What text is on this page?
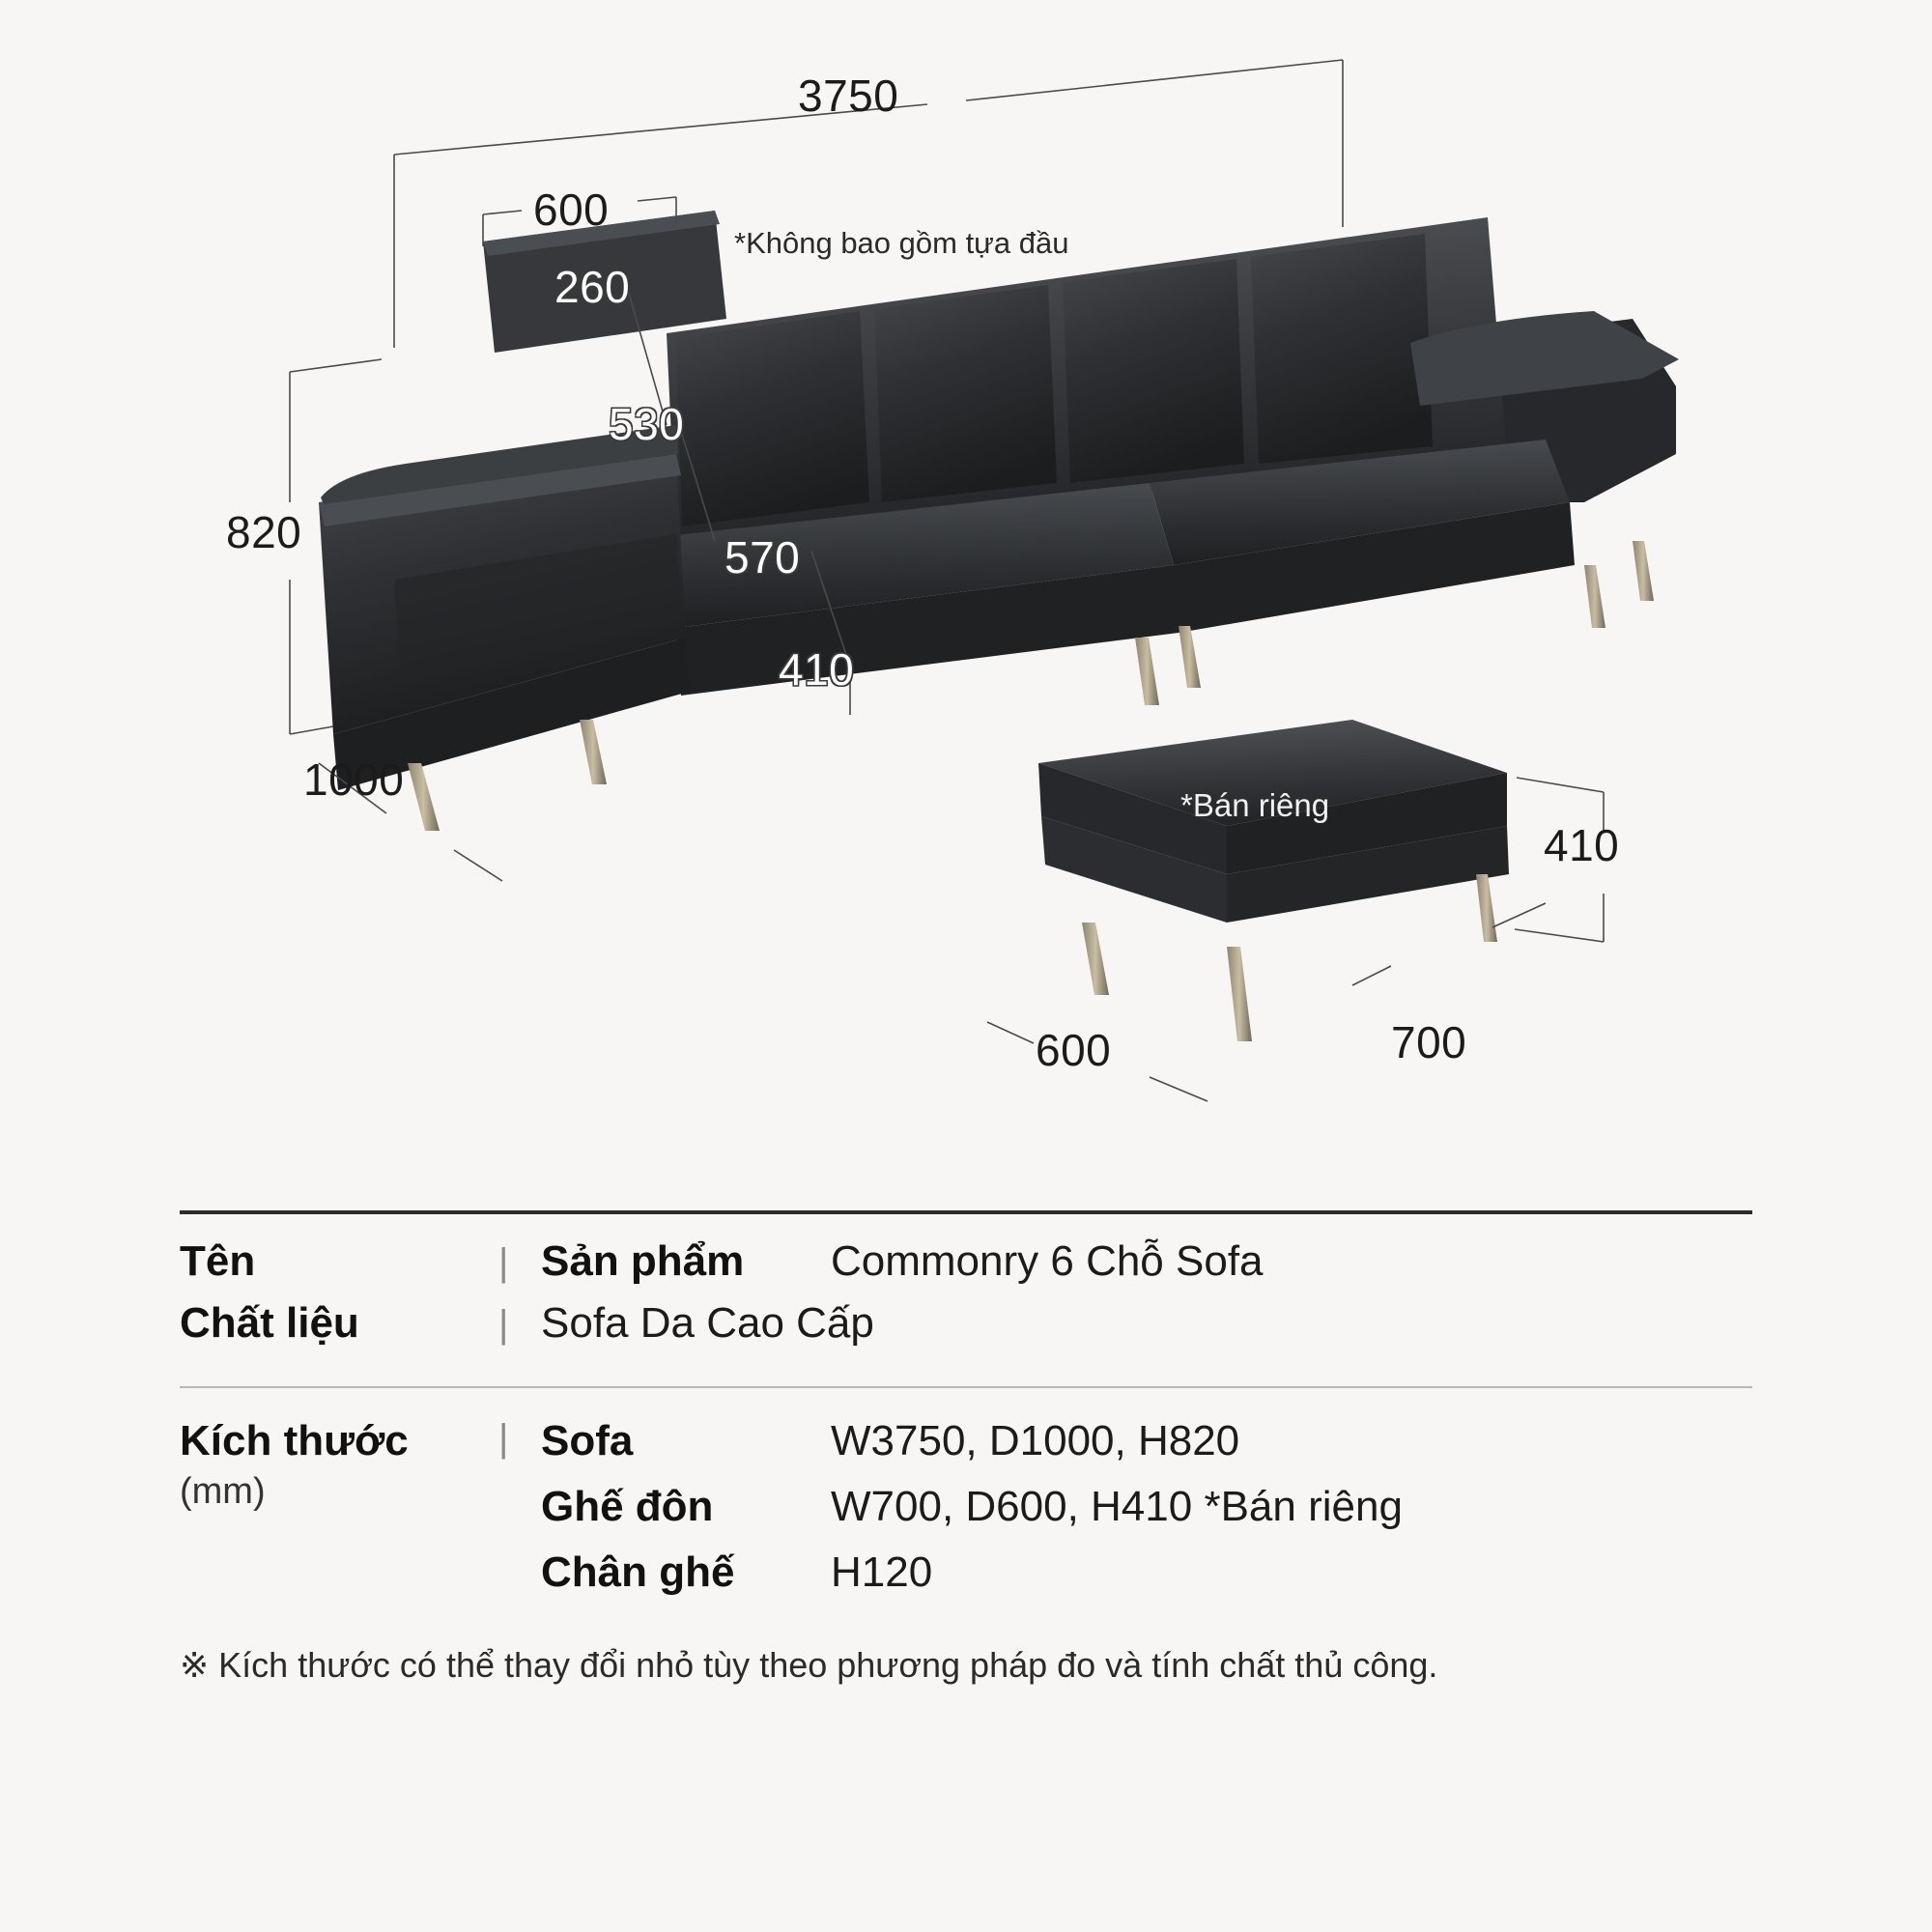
3750
600
260
530
570
410
820
1000
410
600	700
*Không bao gồm tựa đầu
*Bán riêng
Tên	| Sản phẩm	Commonry 6 Chỗ Sofa
Chất liệu	| Sofa Da Cao Cấp
Kích thước
(mm)
| Sofa	W3750, D1000, H820
Ghế đôn	W700, D600, H410 *Bán riêng
Chân ghế	H120
※ Kích thước có thể thay đổi nhỏ tùy theo phương pháp đo và tính chất thủ công.
